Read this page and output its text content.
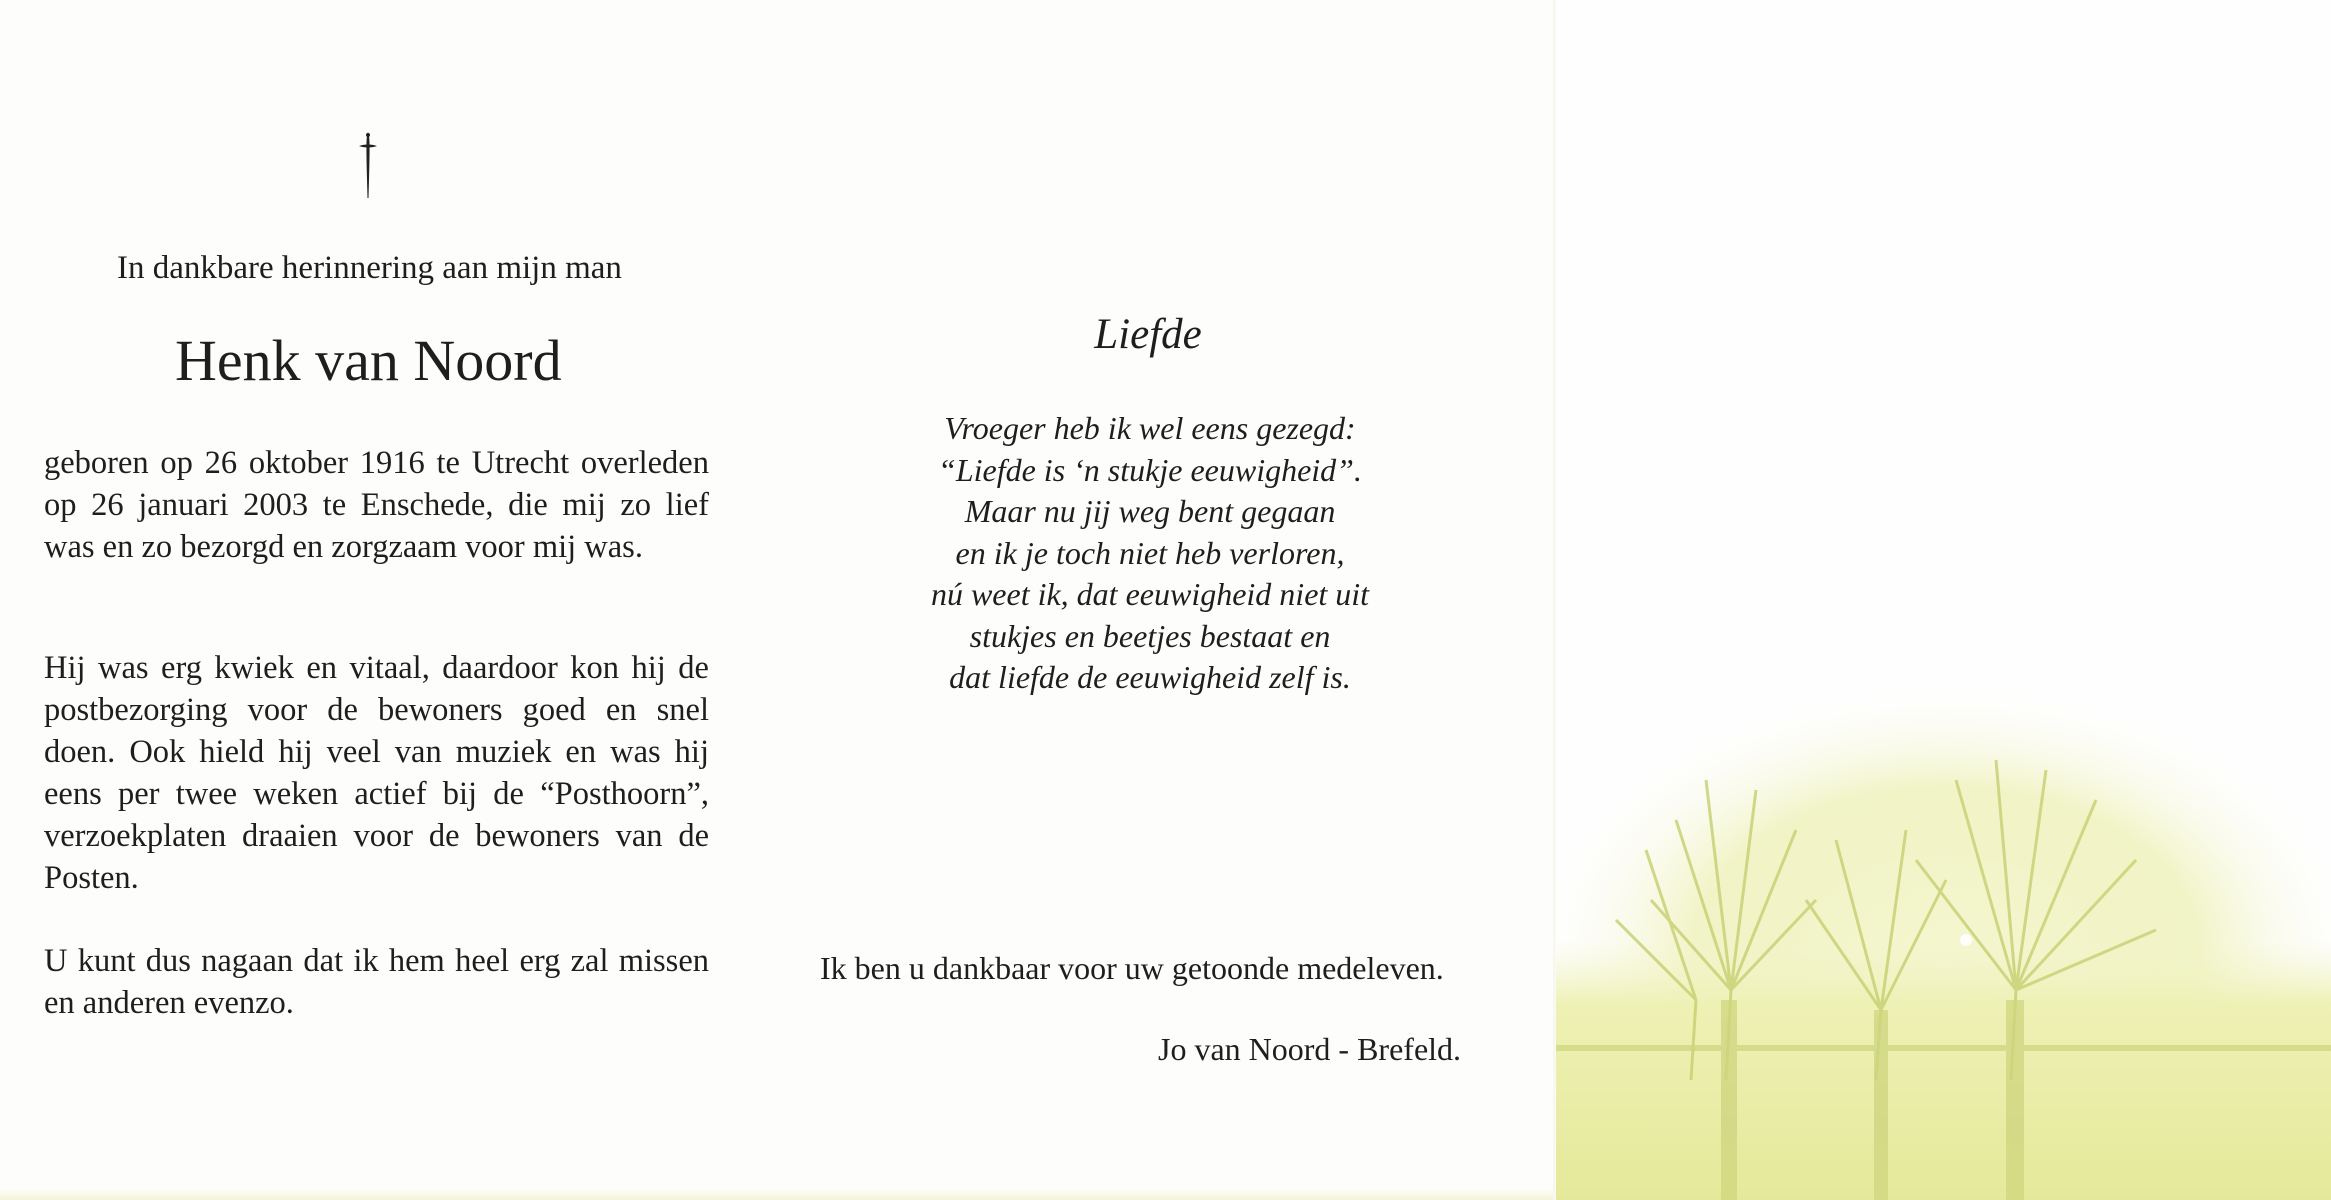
In dankbare herinnering aan mijn man
Henk van Noord

geboren op 26 oktober 1916 te Utrecht overleden op 26 januari 2003 te Enschede, die mij zo lief was en zo bezorgd en zorgzaam voor mij was.

Hij was erg kwiek en vitaal, daardoor kon hij de postbezorging voor de bewoners goed en snel doen. Ook hield hij veel van muziek en was hij eens per twee weken actief bij de “Posthoorn”, verzoekplaten draaien voor de bewoners van de Posten.

U kunt dus nagaan dat ik hem heel erg zal missen en anderen evenzo.

Liefde
Vroeger heb ik wel eens gezegd:
“Liefde is ‘n stukje eeuwigheid”.
Maar nu jij weg bent gegaan
en ik je toch niet heb verloren,
nú weet ik, dat eeuwigheid niet uit
stukjes en beetjes bestaat en
dat liefde de eeuwigheid zelf is.
Ik ben u dankbaar voor uw getoonde medeleven.
Jo van Noord - Brefeld.
